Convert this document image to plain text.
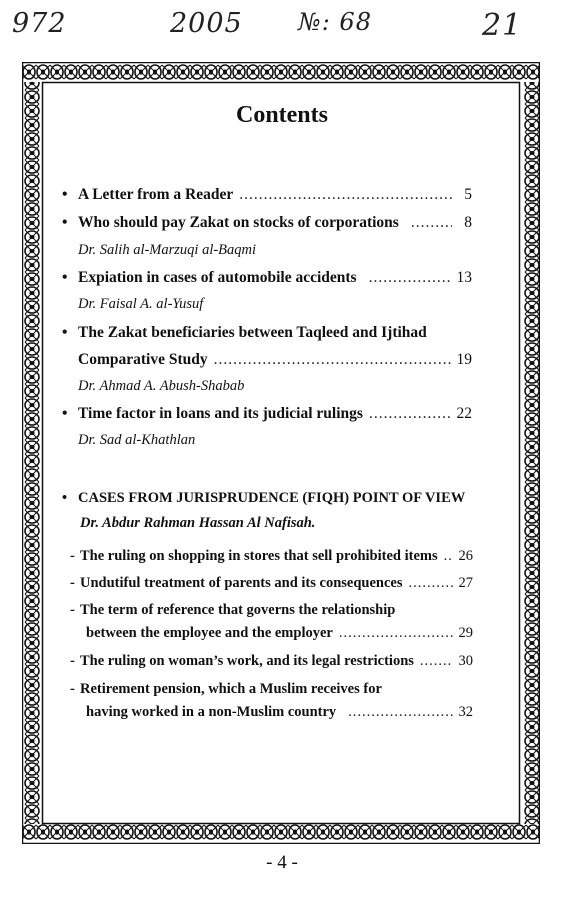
972	2005 №: 68	21
Contents
• A Letter from a Reader .....	5
• Who should pay Zakat on stocks of corporations .....	8
Dr. Salih al-Marzuqi al-Baqmi
• Expiation in cases of automobile accidents .....	13
Dr. Faisal A. al-Yusuf
• The Zakat beneficiaries between Taqleed and Ijtihad
Comparative Study .....	19
Dr. Ahmad A. Abush-Shabab
• Time factor in loans and its judicial rulings .....	22
Dr. Sad al-Khathlan
• CASES FROM JURISPRUDENCE (FIQH) POINT OF VIEW
Dr. Abdur Rahman Hassan Al Nafisah.
- The ruling on shopping in stores that sell prohibited items ..... 26
- Undutiful treatment of parents and its consequences .....	27
- The term of reference that governs the relationship
between the employee and the employer .....	29
- The ruling on woman’s work, and its legal restrictions .....	30
- Retirement pension, which a Muslim receives for
having worked in a non-Muslim country .....	32
- 4 -
